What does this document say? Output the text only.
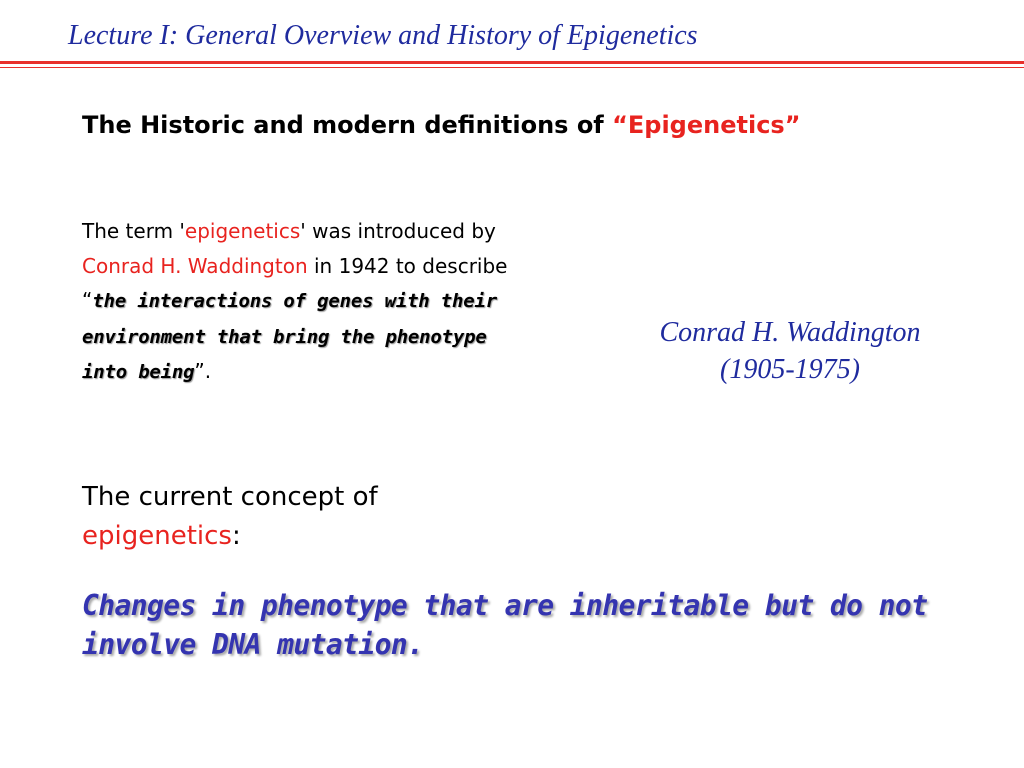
Lecture I: General Overview and History of Epigenetics
The Historic and modern definitions of “Epigenetics”
The term 'epigenetics' was introduced by Conrad H. Waddington in 1942 to describe “the interactions of genes with their environment that bring the phenotype into being”.
Conrad H. Waddington
(1905-1975)
The current concept of epigenetics:
Changes in phenotype that are inheritable but do not involve DNA mutation.
